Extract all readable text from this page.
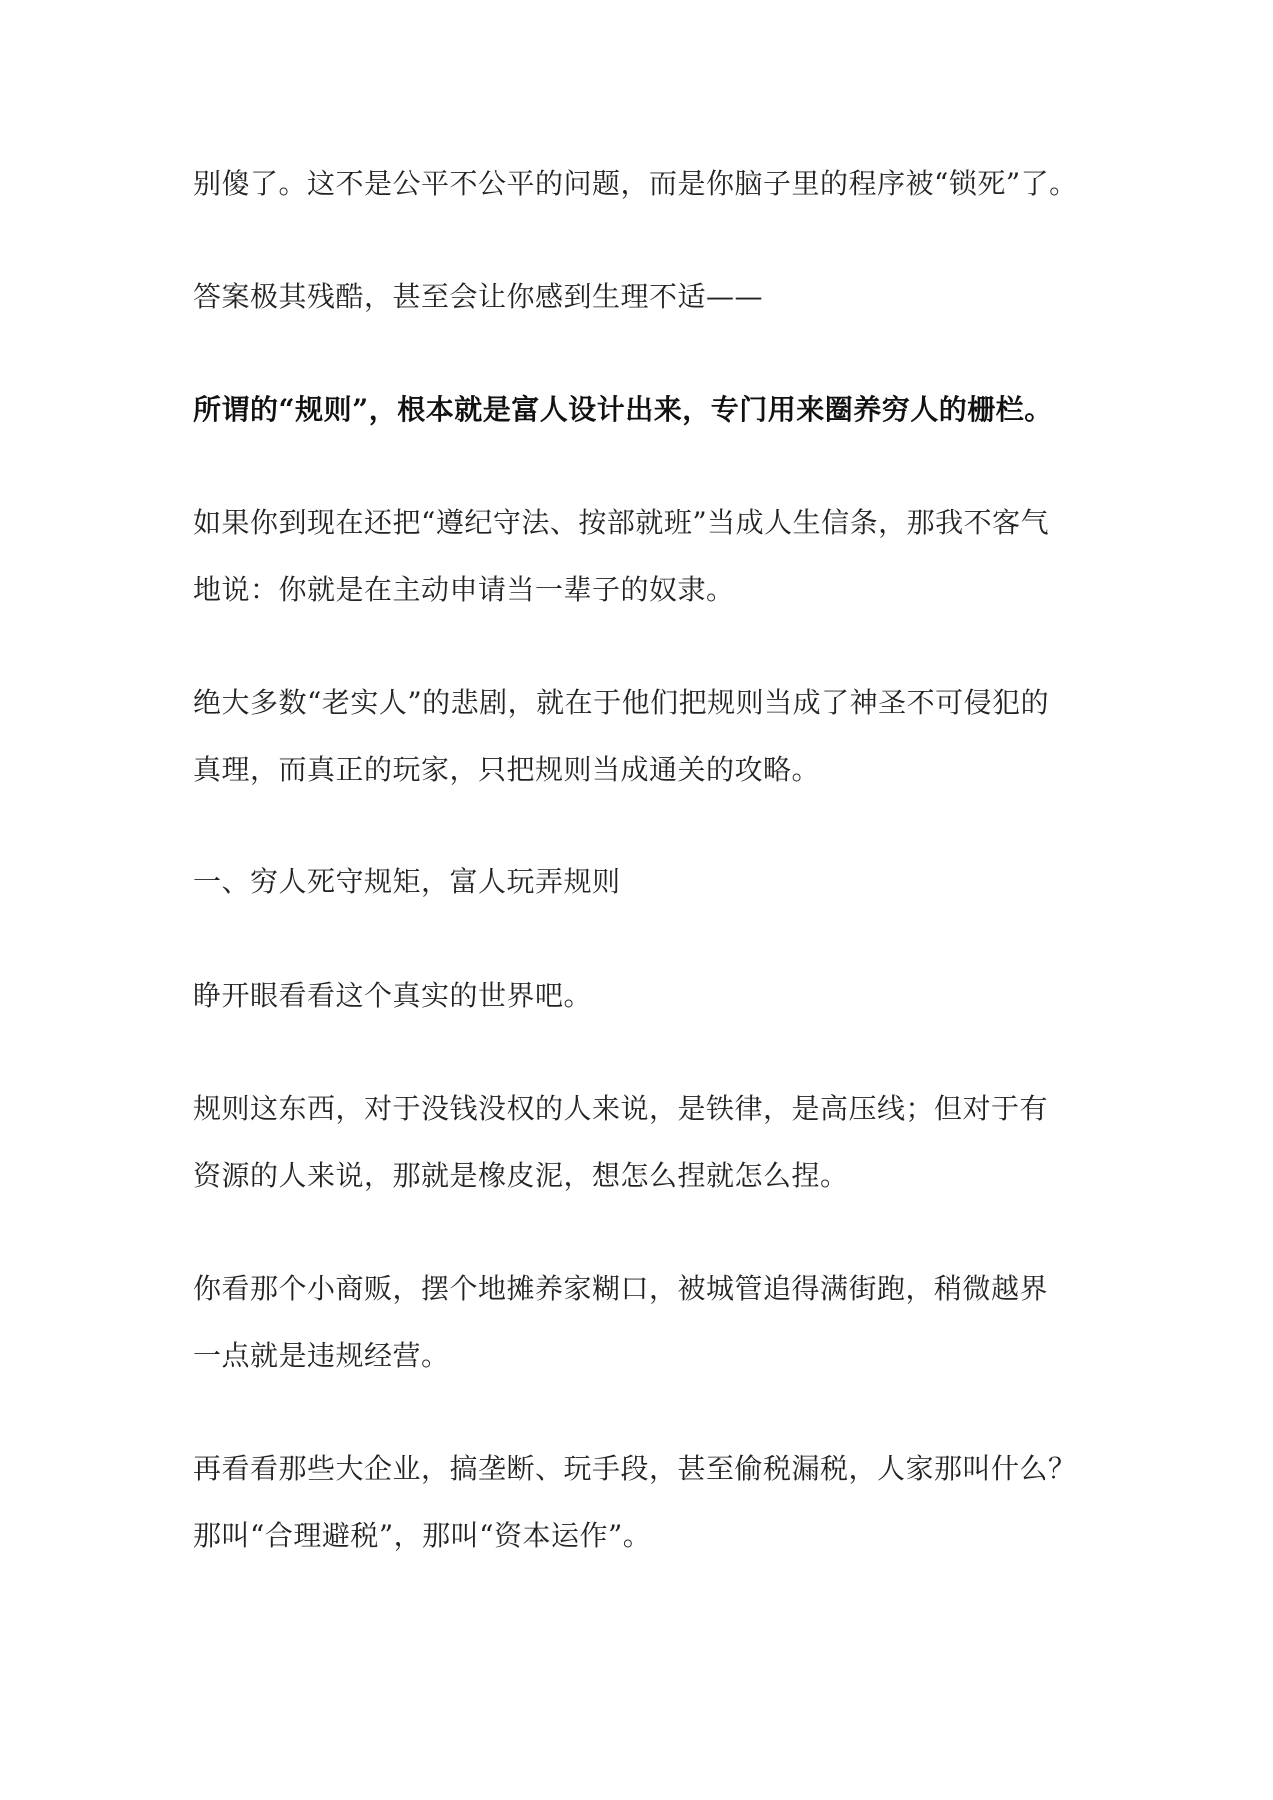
别傻了。这不是公平不公平的问题，而是你脑子里的程序被“锁死”了。

答案极其残酷，甚至会让你感到生理不适——

所谓的“规则”，根本就是富人设计出来，专门用来圈养穷人的栅栏。

如果你到现在还把“遵纪守法、按部就班”当成人生信条，那我不客气
地说：你就是在主动申请当一辈子的奴隶。

绝大多数“老实人”的悲剧，就在于他们把规则当成了神圣不可侵犯的
真理，而真正的玩家，只把规则当成通关的攻略。

一、穷人死守规矩，富人玩弄规则

睁开眼看看这个真实的世界吧。

规则这东西，对于没钱没权的人来说，是铁律，是高压线；但对于有
资源的人来说，那就是橡皮泥，想怎么捏就怎么捏。

你看那个小商贩，摆个地摊养家糊口，被城管追得满街跑，稍微越界
一点就是违规经营。

再看看那些大企业，搞垄断、玩手段，甚至偷税漏税，人家那叫什么？
那叫“合理避税”，那叫“资本运作”。
